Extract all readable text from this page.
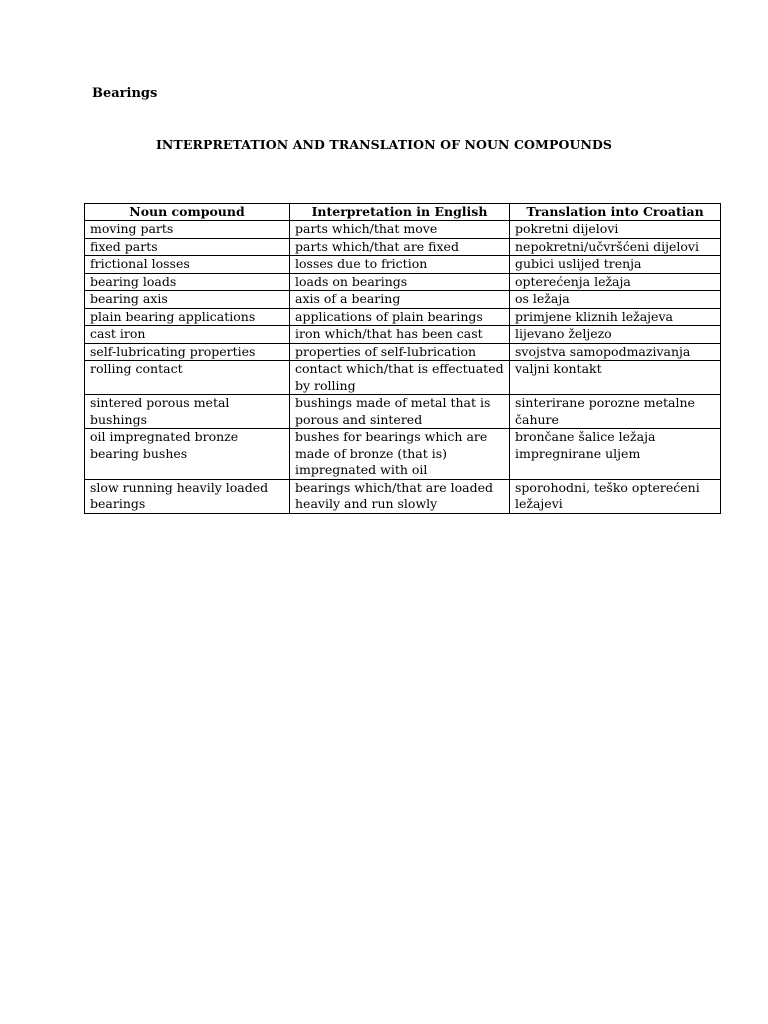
Bearings

INTERPRETATION AND TRANSLATION OF NOUN COMPOUNDS

Noun compound	Interpretation in English	Translation into Croatian
moving parts	parts which/that move	pokretni dijelovi
fixed parts	parts which/that are fixed	nepokretni/učvršćeni dijelovi
frictional losses	losses due to friction	gubici uslijed trenja
bearing loads	loads on bearings	opterećenja ležaja
bearing axis	axis of a bearing	os ležaja
plain bearing applications	applications of plain bearings	primjene kliznih ležajeva
cast iron	iron which/that has been cast	lijevano željezo
self-lubricating properties	properties of self-lubrication	svojstva samopodmazivanja
rolling contact	contact which/that is effectuated by rolling	valjni kontakt
sintered porous metal bushings	bushings made of metal that is porous and sintered	sinterirane porozne metalne čahure
oil impregnated bronze bearing bushes	bushes for bearings which are made of bronze (that is) impregnated with oil	brončane šalice ležaja impregnirane uljem
slow running heavily loaded bearings	bearings which/that are loaded heavily and run slowly	sporohodni, teško opterećeni ležajevi
